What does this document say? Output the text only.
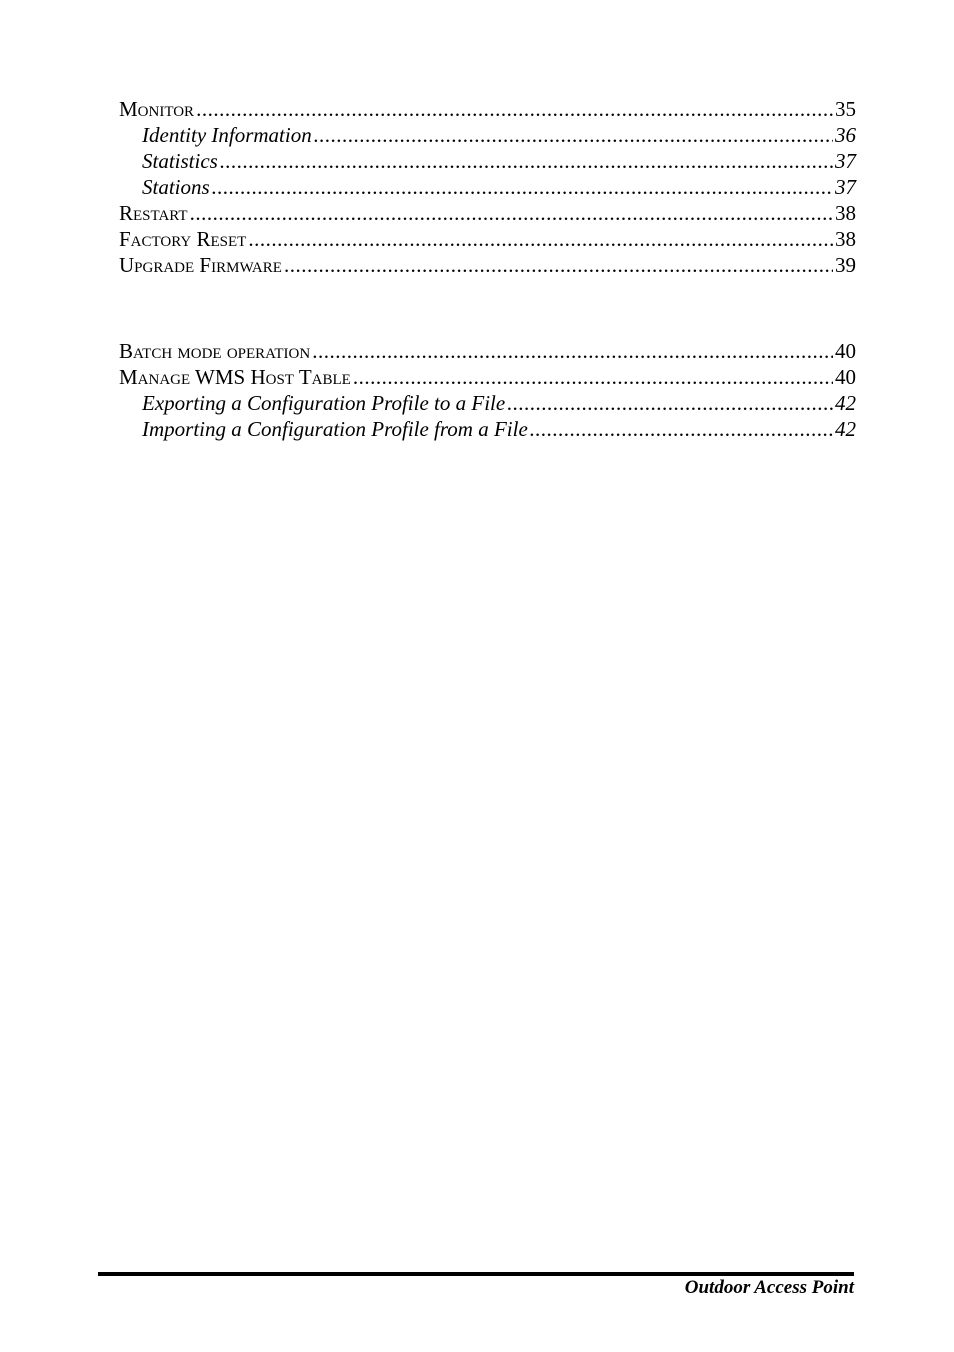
Monitor .....	35
Identity Information .....	36
Statistics .....	37
Stations .....	37
Restart .....	38
Factory Reset .....	38
Upgrade Firmware .....	39
Batch mode operation .....	40
Manage WMS Host Table .....	40
Exporting a Configuration Profile to a File .....	42
Importing a Configuration Profile from a File .....	42
Outdoor Access Point
